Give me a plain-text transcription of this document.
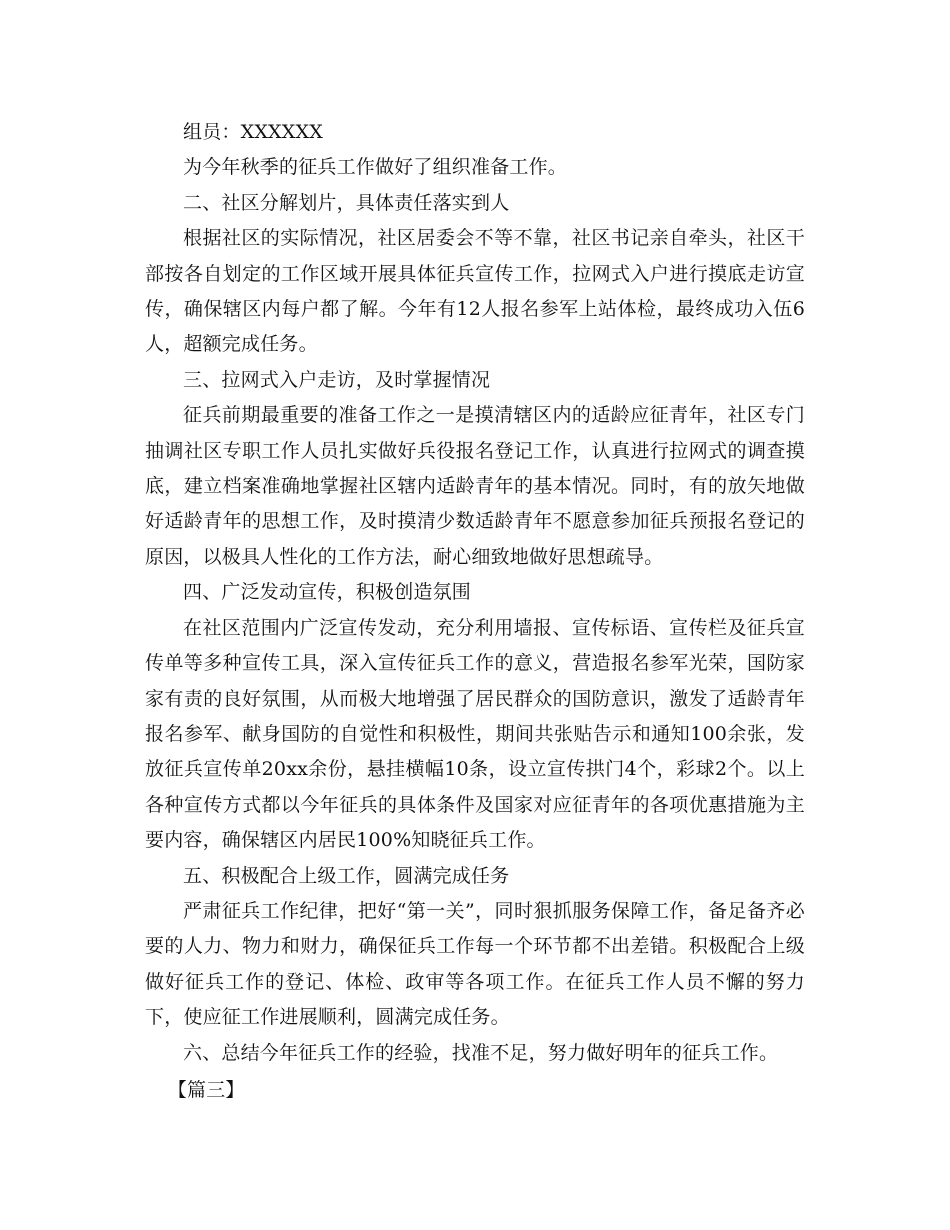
组员：XXXXXX

为今年秋季的征兵工作做好了组织准备工作。

二、社区分解划片，具体责任落实到人

根据社区的实际情况，社区居委会不等不靠，社区书记亲自牵头，社区干部按各自划定的工作区域开展具体征兵宣传工作，拉网式入户进行摸底走访宣传，确保辖区内每户都了解。今年有12人报名参军上站体检，最终成功入伍6人，超额完成任务。

三、拉网式入户走访，及时掌握情况

征兵前期最重要的准备工作之一是摸清辖区内的适龄应征青年，社区专门抽调社区专职工作人员扎实做好兵役报名登记工作，认真进行拉网式的调查摸底，建立档案准确地掌握社区辖内适龄青年的基本情况。同时，有的放矢地做好适龄青年的思想工作，及时摸清少数适龄青年不愿意参加征兵预报名登记的原因，以极具人性化的工作方法，耐心细致地做好思想疏导。

四、广泛发动宣传，积极创造氛围

在社区范围内广泛宣传发动，充分利用墙报、宣传标语、宣传栏及征兵宣传单等多种宣传工具，深入宣传征兵工作的意义，营造报名参军光荣，国防家家有责的良好氛围，从而极大地增强了居民群众的国防意识，激发了适龄青年报名参军、献身国防的自觉性和积极性，期间共张贴告示和通知100余张，发放征兵宣传单20xx余份，悬挂横幅10条，设立宣传拱门4个，彩球2个。以上各种宣传方式都以今年征兵的具体条件及国家对应征青年的各项优惠措施为主要内容，确保辖区内居民100%知晓征兵工作。

五、积极配合上级工作，圆满完成任务

严肃征兵工作纪律，把好“第一关”，同时狠抓服务保障工作，备足备齐必要的人力、物力和财力，确保征兵工作每一个环节都不出差错。积极配合上级做好征兵工作的登记、体检、政审等各项工作。在征兵工作人员不懈的努力下，使应征工作进展顺利，圆满完成任务。

六、总结今年征兵工作的经验，找准不足，努力做好明年的征兵工作。

【篇三】
